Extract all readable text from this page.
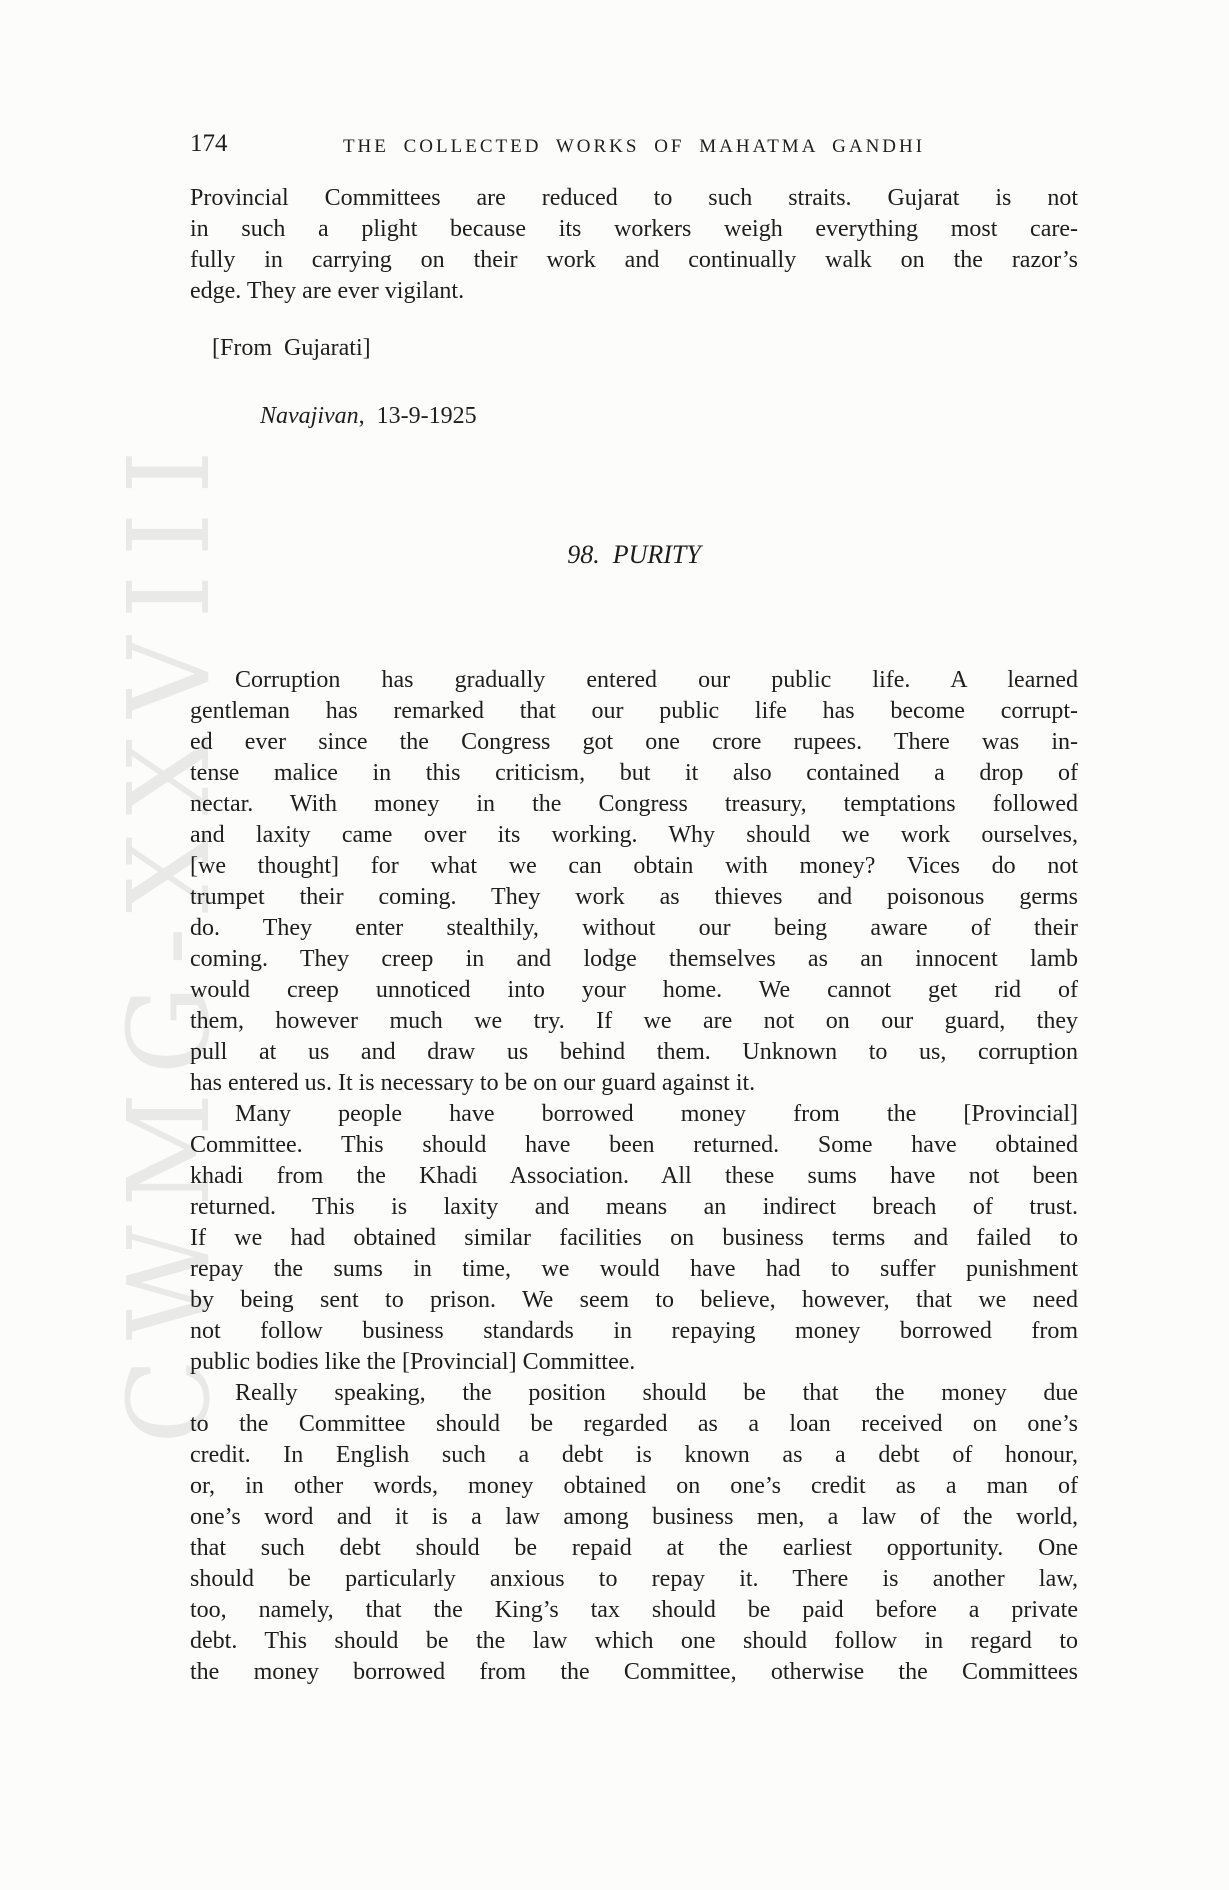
CWMG-XXVIII
174	THE COLLECTED WORKS OF MAHATMA GANDHI
Provincial Committees are reduced to such straits. Gujarat is not
in such a plight because its workers weigh everything most care-
fully in carrying on their work and continually walk on the razor’s
edge. They are ever vigilant.
[From  Gujarati]

Navajivan,  13-9-1925

98.  PURITY
Corruption has gradually entered our public life. A learned
gentleman has remarked that our public life has become corrupt-
ed ever since the Congress got one crore rupees. There was in-
tense malice in this criticism, but it also contained a drop of
nectar. With money in the Congress treasury, temptations followed
and laxity came over its working. Why should we work ourselves,
[we thought] for what we can obtain with money? Vices do not
trumpet their coming. They work as thieves and poisonous germs
do. They enter stealthily, without our being aware of their
coming. They creep in and lodge themselves as an innocent lamb
would creep unnoticed into your home. We cannot get rid of
them, however much we try. If we are not on our guard, they
pull at us and draw us behind them. Unknown to us, corruption
has entered us. It is necessary to be on our guard against it.
Many people have borrowed money from the [Provincial]
Committee. This should have been returned. Some have obtained
khadi from the Khadi Association. All these sums have not been
returned. This is laxity and means an indirect breach of trust.
If we had obtained similar facilities on business terms and failed to
repay the sums in time, we would have had to suffer punishment
by being sent to prison. We seem to believe, however, that we need
not follow business standards in repaying money borrowed from
public bodies like the [Provincial] Committee.
Really speaking, the position should be that the money due
to the Committee should be regarded as a loan received on one’s
credit. In English such a debt is known as a debt of honour,
or, in other words, money obtained on one’s credit as a man of
one’s word and it is a law among business men, a law of the world,
that such debt should be repaid at the earliest opportunity. One
should be particularly anxious to repay it. There is another law,
too, namely, that the King’s tax should be paid before a private
debt. This should be the law which one should follow in regard to
the money borrowed from the Committee, otherwise the Committees
